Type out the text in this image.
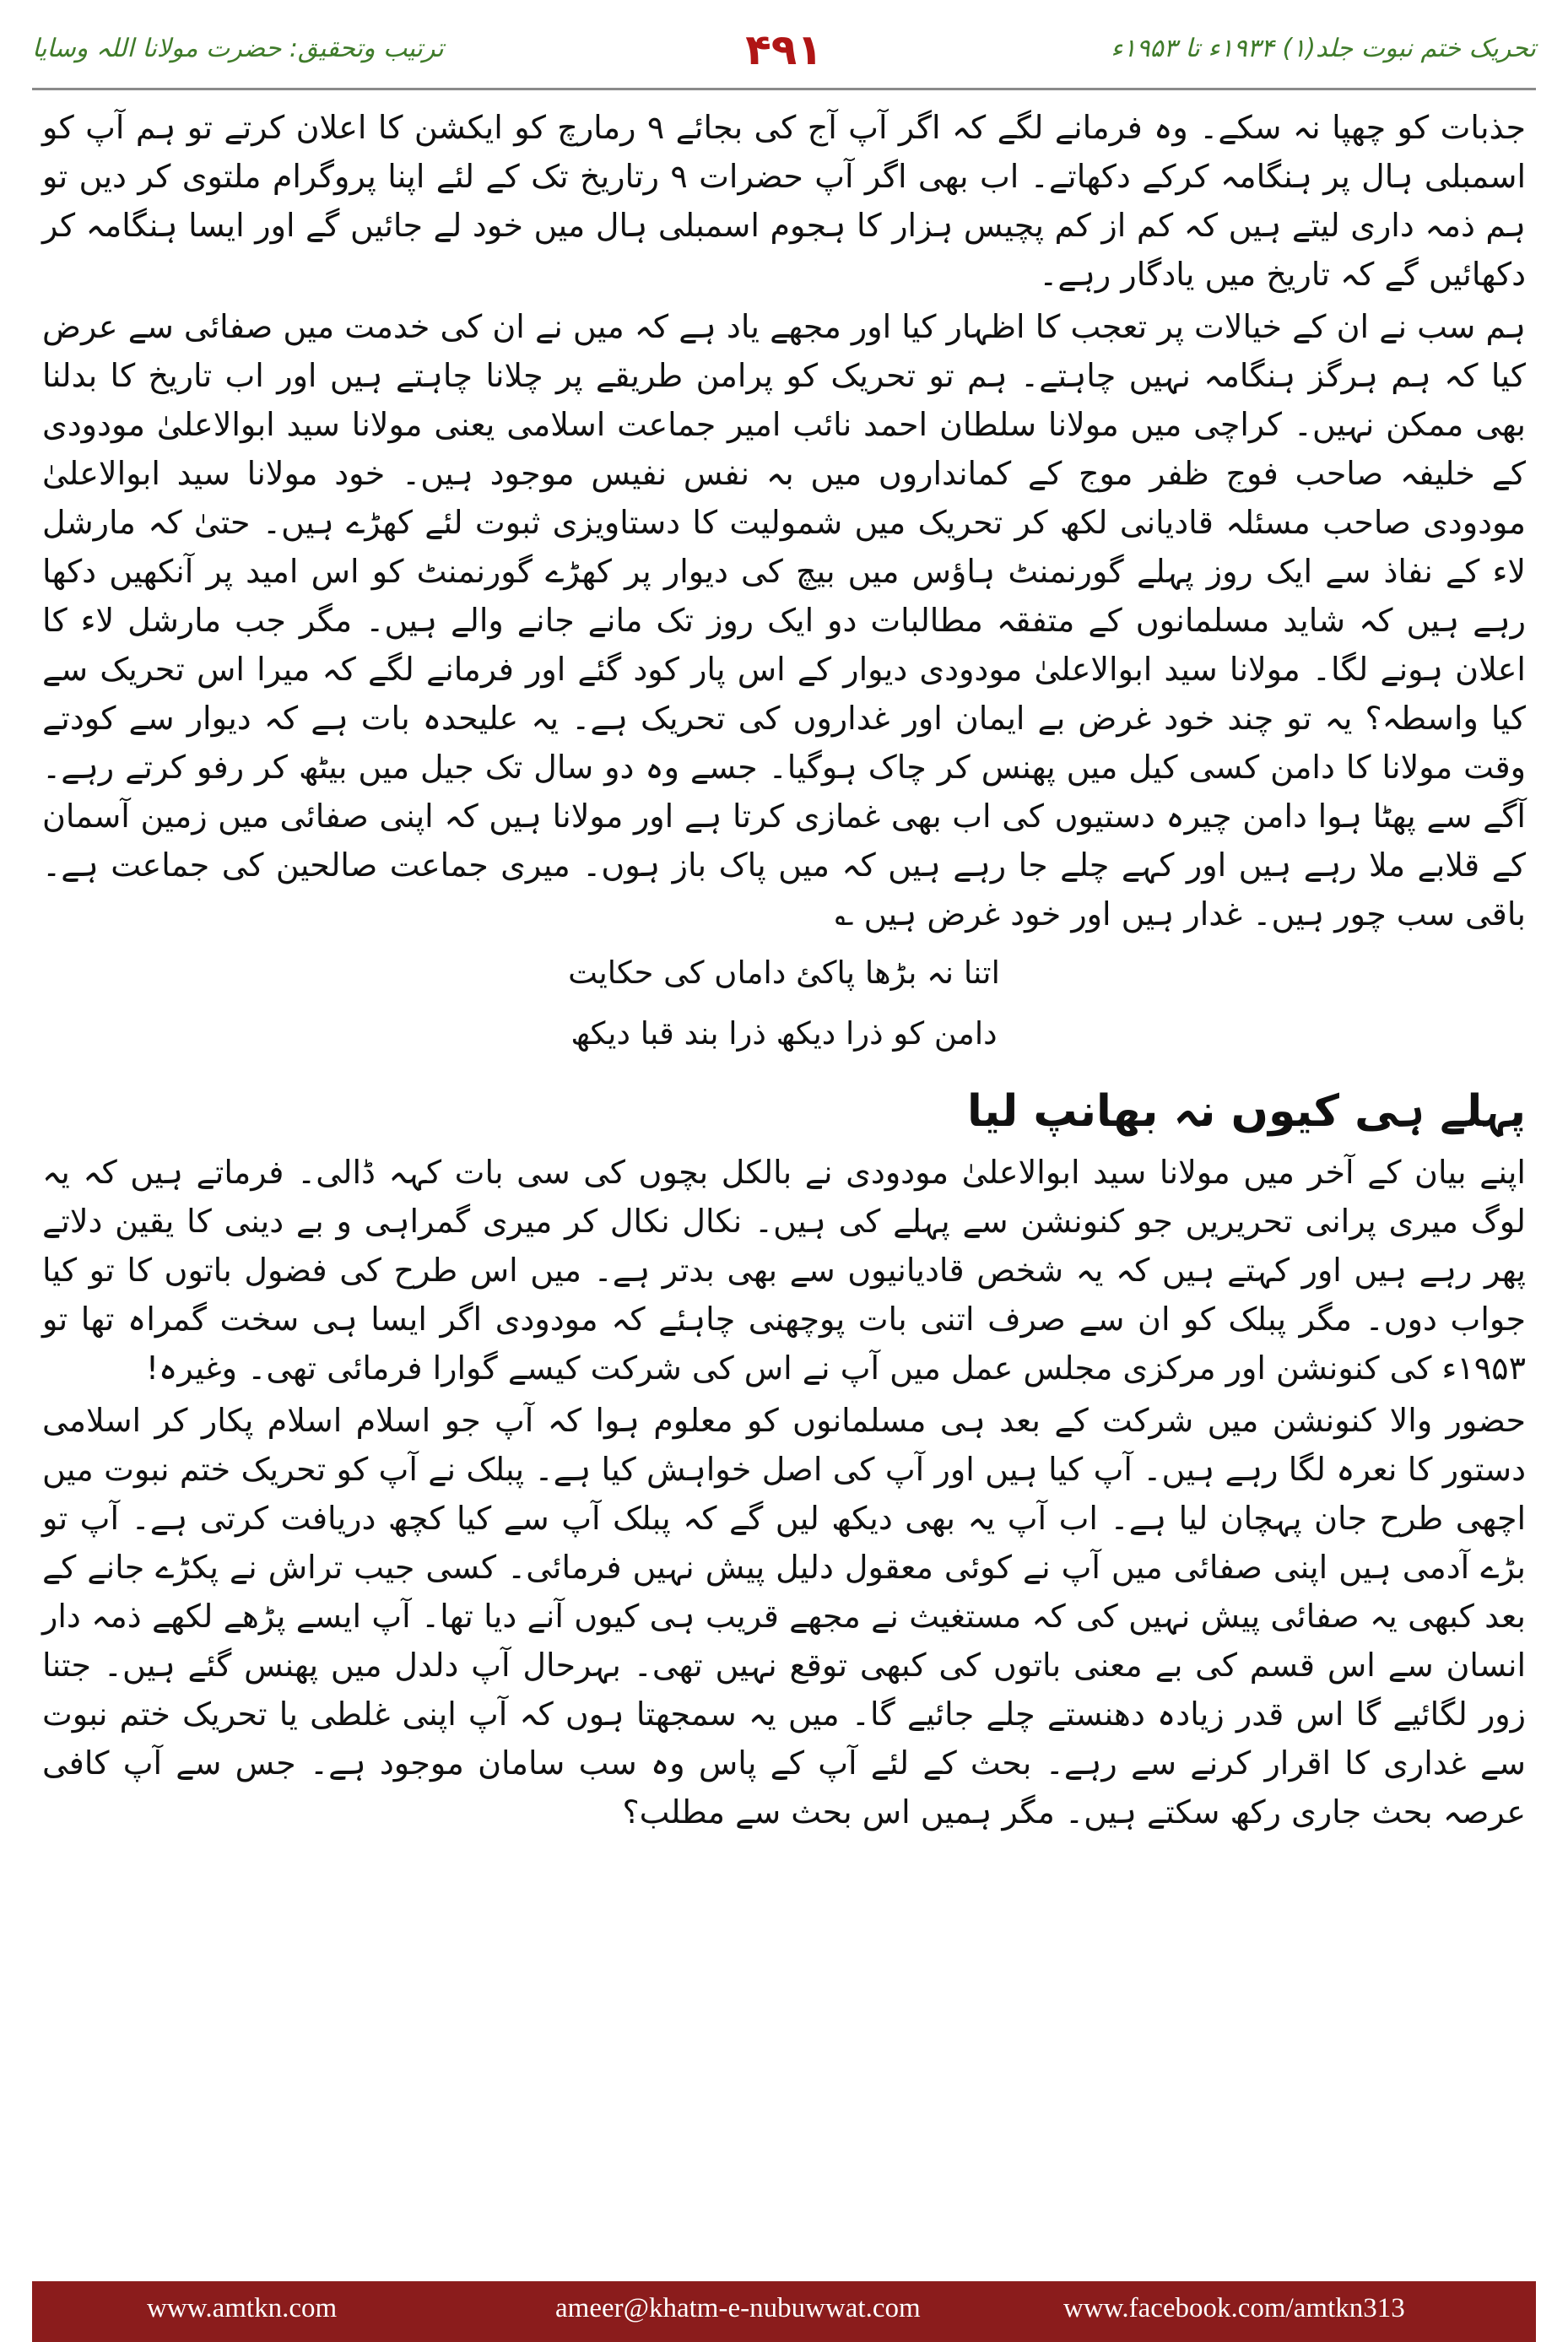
تحریک ختم نبوت جلد(۱) ۱۹۳۴ء تا ۱۹۵۳ء
۴۹۱
ترتیب وتحقیق: حضرت مولانا اللہ وسایا

جذبات کو چھپا نہ سکے۔ وہ فرمانے لگے کہ اگر آپ آج کی بجائے ۹ رمارچ کو ایکشن کا اعلان کرتے تو ہم آپ کو اسمبلی ہال پر ہنگامہ کرکے دکھاتے۔ اب بھی اگر آپ حضرات ۹ رتاریخ تک کے لئے اپنا پروگرام ملتوی کر دیں تو ہم ذمہ داری لیتے ہیں کہ کم از کم پچیس ہزار کا ہجوم اسمبلی ہال میں خود لے جائیں گے اور ایسا ہنگامہ کر دکھائیں گے کہ تاریخ میں یادگار رہے۔

ہم سب نے ان کے خیالات پر تعجب کا اظہار کیا اور مجھے یاد ہے کہ میں نے ان کی خدمت میں صفائی سے عرض کیا کہ ہم ہرگز ہنگامہ نہیں چاہتے۔ ہم تو تحریک کو پرامن طریقے پر چلانا چاہتے ہیں اور اب تاریخ کا بدلنا بھی ممکن نہیں۔ کراچی میں مولانا سلطان احمد نائب امیر جماعت اسلامی یعنی مولانا سید ابوالاعلیٰ مودودی کے خلیفہ صاحب فوج ظفر موج کے کمانداروں میں بہ نفس نفیس موجود ہیں۔ خود مولانا سید ابوالاعلیٰ مودودی صاحب مسئلہ قادیانی لکھ کر تحریک میں شمولیت کا دستاویزی ثبوت لئے کھڑے ہیں۔ حتیٰ کہ مارشل لاء کے نفاذ سے ایک روز پہلے گورنمنٹ ہاؤس میں بیچ کی دیوار پر کھڑے گورنمنٹ کو اس امید پر آنکھیں دکھا رہے ہیں کہ شاید مسلمانوں کے متفقہ مطالبات دو ایک روز تک مانے جانے والے ہیں۔ مگر جب مارشل لاء کا اعلان ہونے لگا۔ مولانا سید ابوالاعلیٰ مودودی دیوار کے اس پار کود گئے اور فرمانے لگے کہ میرا اس تحریک سے کیا واسطہ؟ یہ تو چند خود غرض بے ایمان اور غداروں کی تحریک ہے۔ یہ علیحدہ بات ہے کہ دیوار سے کودتے وقت مولانا کا دامن کسی کیل میں پھنس کر چاک ہوگیا۔ جسے وہ دو سال تک جیل میں بیٹھ کر رفو کرتے رہے۔ آگے سے پھٹا ہوا دامن چیرہ دستیوں کی اب بھی غمازی کرتا ہے اور مولانا ہیں کہ اپنی صفائی میں زمین آسمان کے قلابے ملا رہے ہیں اور کہے چلے جا رہے ہیں کہ میں پاک باز ہوں۔ میری جماعت صالحین کی جماعت ہے۔ باقی سب چور ہیں۔ غدار ہیں اور خود غرض ہیں ؎

اتنا نہ بڑھا پاکئ داماں کی حکایت
دامن کو ذرا دیکھ ذرا بند قبا دیکھ
پہلے ہی کیوں نہ بھانپ لیا

اپنے بیان کے آخر میں مولانا سید ابوالاعلیٰ مودودی نے بالکل بچوں کی سی بات کہہ ڈالی۔ فرماتے ہیں کہ یہ لوگ میری پرانی تحریریں جو کنونشن سے پہلے کی ہیں۔ نکال نکال کر میری گمراہی و بے دینی کا یقین دلاتے پھر رہے ہیں اور کہتے ہیں کہ یہ شخص قادیانیوں سے بھی بدتر ہے۔ میں اس طرح کی فضول باتوں کا تو کیا جواب دوں۔ مگر پبلک کو ان سے صرف اتنی بات پوچھنی چاہئے کہ مودودی اگر ایسا ہی سخت گمراہ تھا تو ۱۹۵۳ء کی کنونشن اور مرکزی مجلس عمل میں آپ نے اس کی شرکت کیسے گوارا فرمائی تھی۔ وغیرہ!

حضور والا کنونشن میں شرکت کے بعد ہی مسلمانوں کو معلوم ہوا کہ آپ جو اسلام اسلام پکار کر اسلامی دستور کا نعرہ لگا رہے ہیں۔ آپ کیا ہیں اور آپ کی اصل خواہش کیا ہے۔ پبلک نے آپ کو تحریک ختم نبوت میں اچھی طرح جان پہچان لیا ہے۔ اب آپ یہ بھی دیکھ لیں گے کہ پبلک آپ سے کیا کچھ دریافت کرتی ہے۔ آپ تو بڑے آدمی ہیں اپنی صفائی میں آپ نے کوئی معقول دلیل پیش نہیں فرمائی۔ کسی جیب تراش نے پکڑے جانے کے بعد کبھی یہ صفائی پیش نہیں کی کہ مستغیث نے مجھے قریب ہی کیوں آنے دیا تھا۔ آپ ایسے پڑھے لکھے ذمہ دار انسان سے اس قسم کی بے معنی باتوں کی کبھی توقع نہیں تھی۔ بہرحال آپ دلدل میں پھنس گئے ہیں۔ جتنا زور لگائیے گا اس قدر زیادہ دھنستے چلے جائیے گا۔ میں یہ سمجھتا ہوں کہ آپ اپنی غلطی یا تحریک ختم نبوت سے غداری کا اقرار کرنے سے رہے۔ بحث کے لئے آپ کے پاس وہ سب سامان موجود ہے۔ جس سے آپ کافی عرصہ بحث جاری رکھ سکتے ہیں۔ مگر ہمیں اس بحث سے مطلب؟

www.amtkn.com	ameer@khatm-e-nubuwwat.com	www.facebook.com/amtkn313
